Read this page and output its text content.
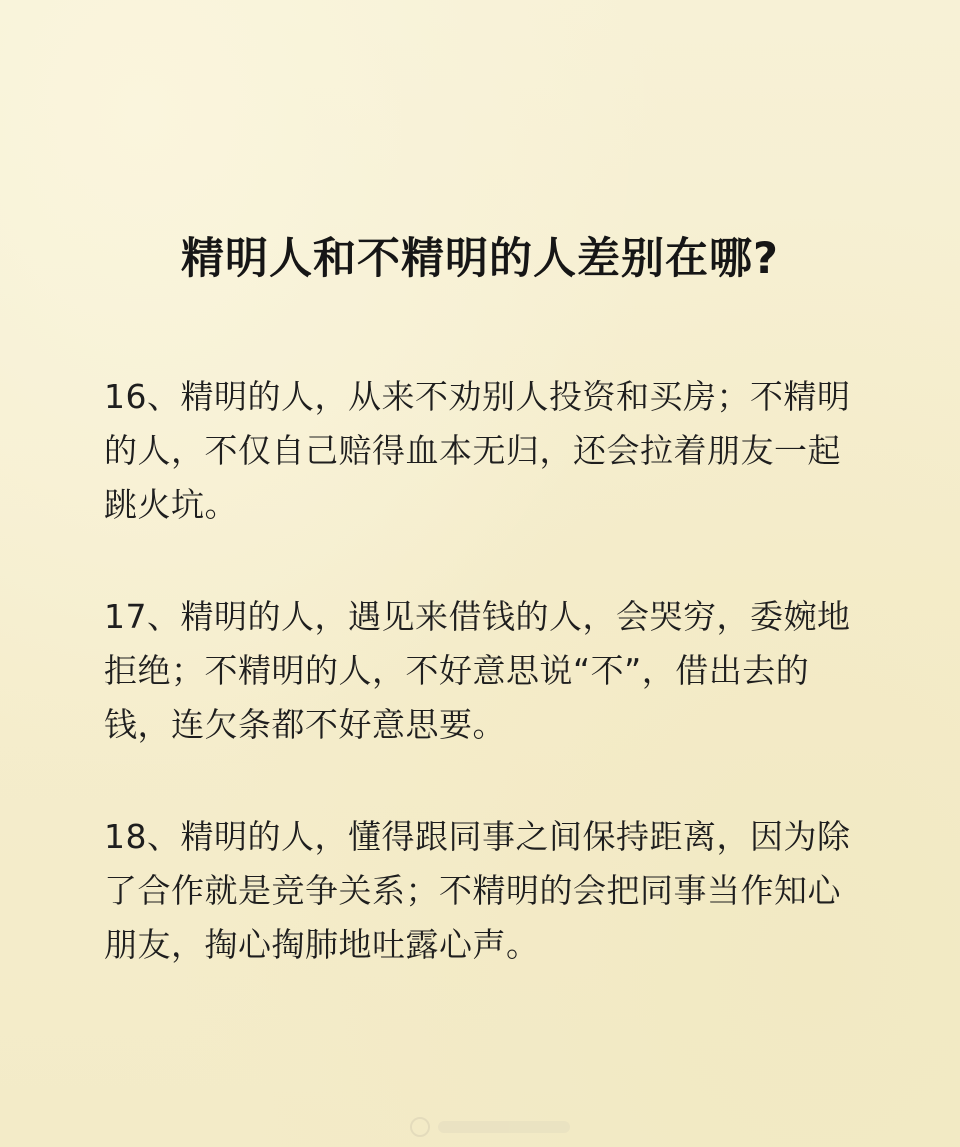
精明人和不精明的人差别在哪?

16、精明的人，从来不劝别人投资和买房；不精明的人，不仅自己赔得血本无归，还会拉着朋友一起跳火坑。

17、精明的人，遇见来借钱的人，会哭穷，委婉地拒绝；不精明的人，不好意思说“不”，借出去的钱，连欠条都不好意思要。

18、精明的人，懂得跟同事之间保持距离，因为除了合作就是竞争关系；不精明的会把同事当作知心朋友，掏心掏肺地吐露心声。
